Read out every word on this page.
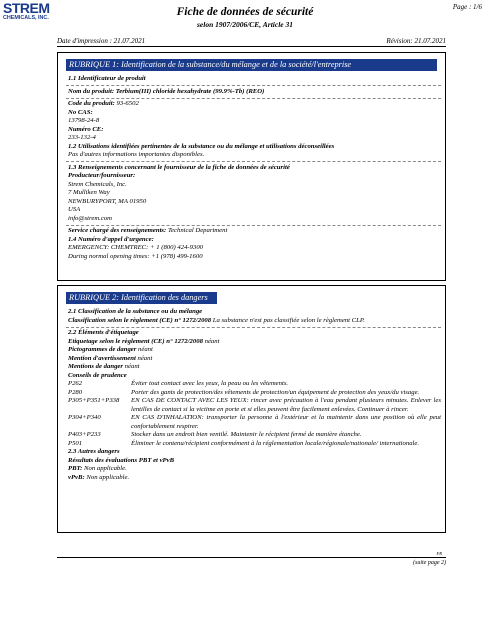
STREM
CHEMICALS, INC.	Fiche de données de sécurité
selon 1907/2006/CE, Article 31
Page : 1/6
Date d'impression : 21.07.2021	Révision: 21.07.2021
RUBRIQUE 1: Identification de la substance/du mélange et de la société/l'entreprise
1.1 Identificateur de produit
Nom du produit: Terbium(III) chloride hexahydrate (99.9%-Tb) (REO)
Code du produit: 93-6502
No CAS:
13798-24-8
Numéro CE:
233-132-4
1.2 Utilisations identifiées pertinentes de la substance ou du mélange et utilisations déconseillées
Pas d'autres informations importantes disponibles.
1.3 Renseignements concernant le fournisseur de la fiche de données de sécurité
Producteur/fournisseur:
Strem Chemicals, Inc.
7 Mulliken Way
NEWBURYPORT, MA 01950
USA
info@strem.com
Service chargé des renseignements: Technical Department
1.4 Numéro d'appel d'urgence:
EMERGENCY: CHEMTREC: + 1 (800) 424-9300
During normal opening times: +1 (978) 499-1600
RUBRIQUE 2: Identification des dangers
2.1 Classification de la substance ou du mélange
Classification selon le règlement (CE) n° 1272/2008 La substance n'est pas classifiée selon le règlement CLP.
2.2 Éléments d'étiquetage
Etiquetage selon le règlement (CE) n° 1272/2008 néant
Pictogrammes de danger néant
Mention d'avertissement néant
Mentions de danger néant
Conseils de prudence
P262	Éviter tout contact avec les yeux, la peau ou les vêtements.
P280	Porter des gants de protection/des vêtements de protection/un équipement de protection des yeux/du visage.
P305+P351+P338	EN CAS DE CONTACT AVEC LES YEUX: rincer avec précaution à l'eau pendant plusieurs minutes. Enlever les lentilles de contact si la victime en porte et si elles peuvent être facilement enlevées. Continuer à rincer.
P304+P340	EN CAS D'INHALATION: transporter la personne à l'extérieur et la maintenir dans une position où elle peut confortablement respirer.
P403+P233	Stocker dans un endroit bien ventilé. Maintenir le récipient fermé de manière étanche.
P501	Éliminer le contenu/récipient conformément à la réglementation locale/régionale/nationale/ internationale.
2.3 Autres dangers
Résultats des évaluations PBT et vPvB
PBT: Non applicable.
vPvB: Non applicable.
FR
(suite page 2)
